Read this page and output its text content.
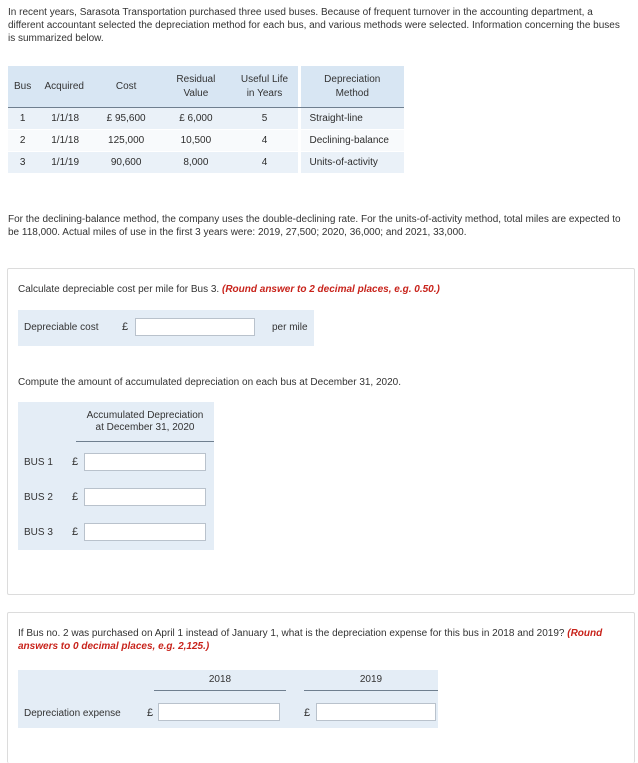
In recent years, Sarasota Transportation purchased three used buses. Because of frequent turnover in the accounting department, a different accountant selected the depreciation method for each bus, and various methods were selected. Information concerning the buses is summarized below.
Bus	Acquired	Cost	Residual
Value	Useful Life
in Years		Depreciation
Method
1	1/1/18	£ 95,600	£ 6,000	5		Straight-line
2	1/1/18	125,000	10,500	4		Declining-balance
3	1/1/19	90,600	8,000	4		Units-of-activity
For the declining-balance method, the company uses the double-declining rate. For the units-of-activity method, total miles are expected to be 118,000. Actual miles of use in the first 3 years were: 2019, 27,500; 2020, 36,000; and 2021, 33,000.
Calculate depreciable cost per mile for Bus 3. (Round answer to 2 decimal places, e.g. 0.50.)
Depreciable cost £	per mile
Compute the amount of accumulated depreciation on each bus at December 31, 2020.
Accumulated Depreciation
at December 31, 2020
BUS 1 £
BUS 2 £
BUS 3 £
If Bus no. 2 was purchased on April 1 instead of January 1, what is the depreciation expense for this bus in 2018 and 2019? (Round
answers to 0 decimal places, e.g. 2,125.)
2018	2019
Depreciation expense £	£
